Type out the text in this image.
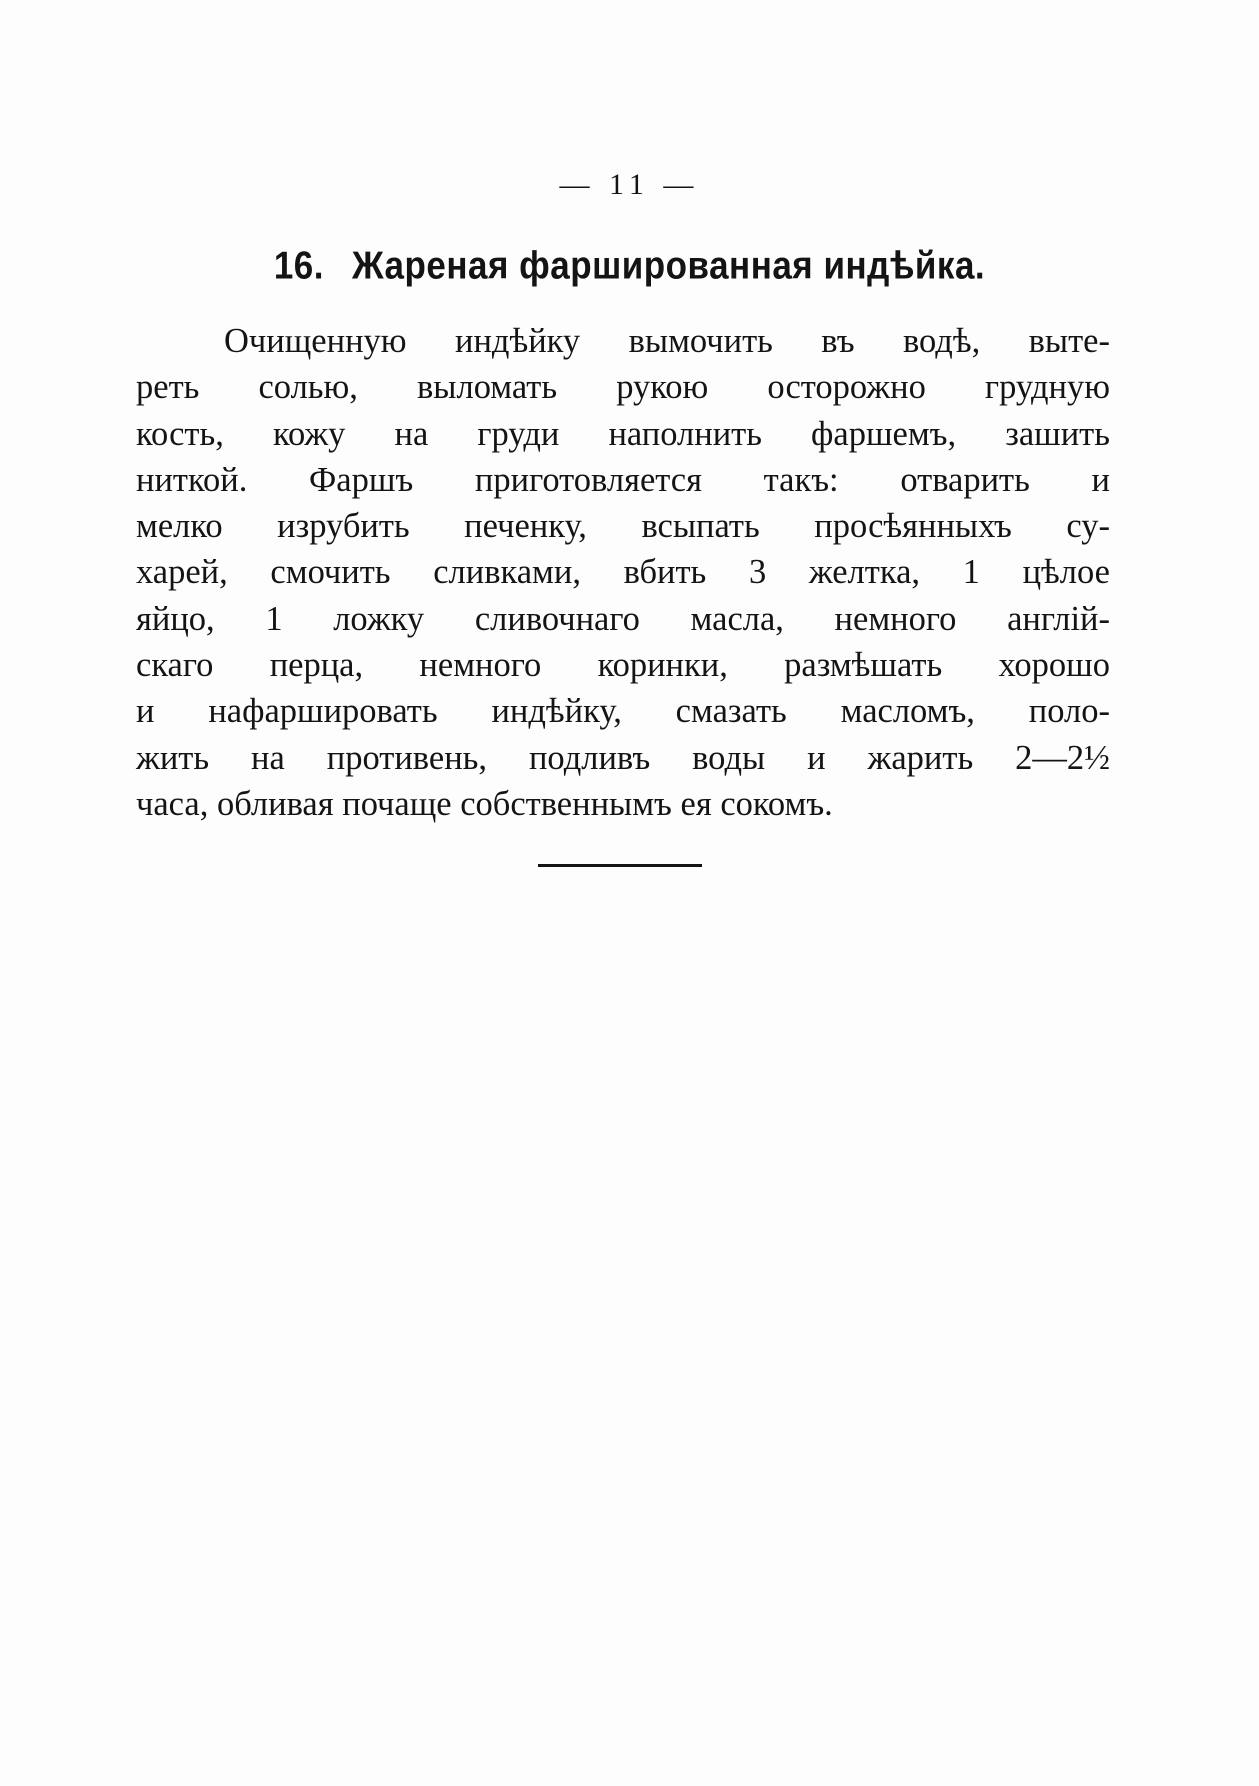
— 11 —
16. Жареная фаршированная индѣйка.
Очищенную индѣйку вымочить въ водѣ, выте-
реть солью, выломать рукою осторожно грудную
кость, кожу на груди наполнить фаршемъ, зашить
ниткой. Фаршъ приготовляется такъ: отварить и
мелко изрубить печенку, всыпать просѣянныхъ су-
харей, смочить сливками, вбить 3 желтка, 1 цѣлое
яйцо, 1 ложку сливочнаго масла, немного англій-
скаго перца, немного коринки, размѣшать хорошо
и нафаршировать индѣйку, смазать масломъ, поло-
жить на противень, подливъ воды и жарить 2—2½
часа, обливая почаще собственнымъ ея сокомъ.
